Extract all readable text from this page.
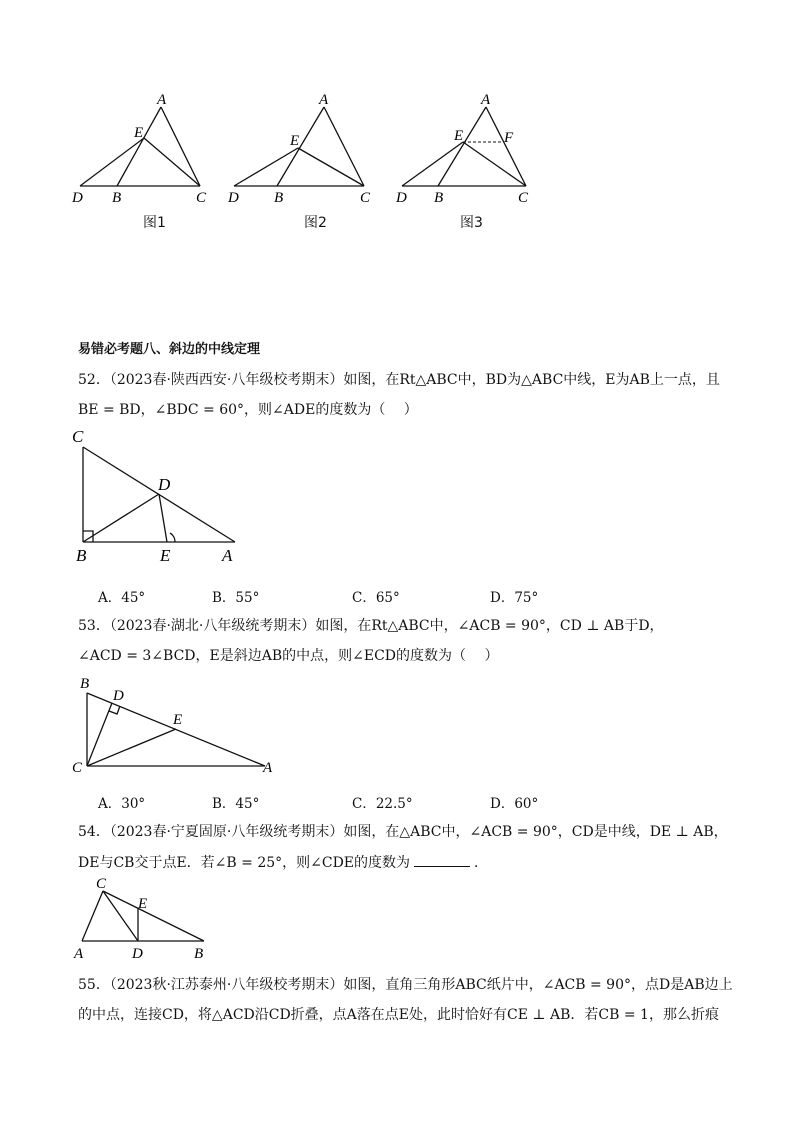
A
E
D B	C
图1
A
E
D B	C
图2
A
E	F
D B	C
图3
易错必考题八、斜边的中线定理
52．（2023春·陕西西安·八年级校考期末）如图，在Rt△ABC中，BD为△ABC中线，E为AB上一点，且
BE = BD，∠BDC = 60°，则∠ADE的度数为（　 ）
C
D
B	E	A
A．45°	B．55°	C．65°	D．75°
53．（2023春·湖北·八年级统考期末）如图，在Rt△ABC中，∠ACB = 90°，CD ⊥ AB于D，
∠ACD = 3∠BCD，E是斜边AB的中点，则∠ECD的度数为（　 ）
B
D
E
C	A
A．30°	B．45°	C．22.5°	D．60°
54．（2023春·宁夏固原·八年级统考期末）如图，在△ABC中，∠ACB = 90°，CD是中线，DE ⊥ AB，
DE与CB交于点E．若∠B = 25°，则∠CDE的度数为	．
C
E
A	D	B
55．（2023秋·江苏泰州·八年级校考期末）如图，直角三角形ABC纸片中，∠ACB = 90°，点D是AB边上
的中点，连接CD，将△ACD沿CD折叠，点A落在点E处，此时恰好有CE ⊥ AB．若CB = 1，那么折痕
